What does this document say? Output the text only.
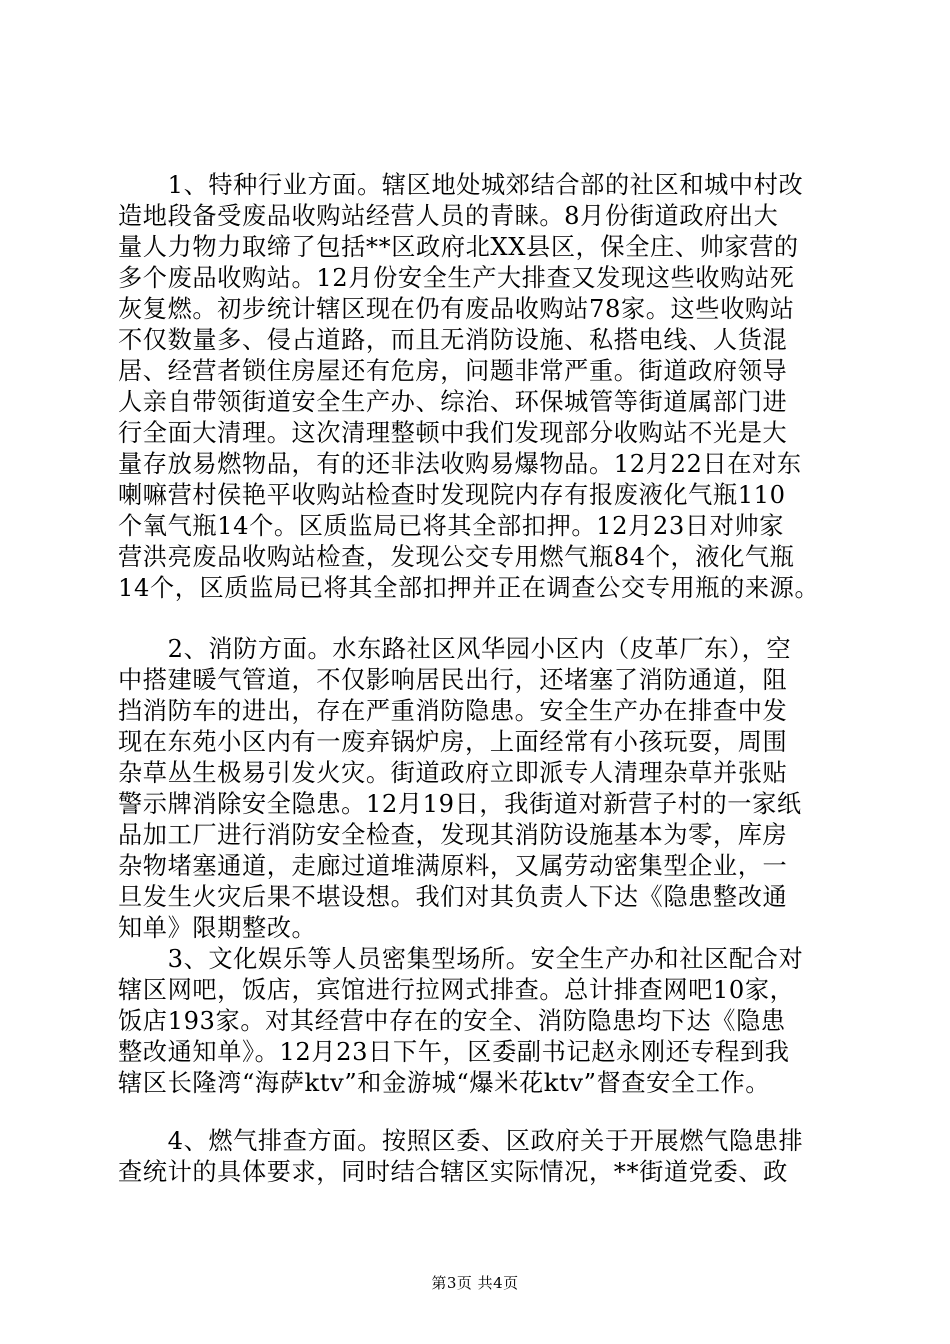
　　1、特种行业方面。辖区地处城郊结合部的社区和城中村改
造地段备受废品收购站经营人员的青睐。8月份街道政府出大
量人力物力取缔了包括**区政府北XX县区，保全庄、帅家营的
多个废品收购站。12月份安全生产大排查又发现这些收购站死
灰复燃。初步统计辖区现在仍有废品收购站78家。这些收购站
不仅数量多、侵占道路，而且无消防设施、私搭电线、人货混
居、经营者锁住房屋还有危房，问题非常严重。街道政府领导
人亲自带领街道安全生产办、综治、环保城管等街道属部门进
行全面大清理。这次清理整顿中我们发现部分收购站不光是大
量存放易燃物品，有的还非法收购易爆物品。12月22日在对东
喇嘛营村侯艳平收购站检查时发现院内存有报废液化气瓶110
个氧气瓶14个。区质监局已将其全部扣押。12月23日对帅家
营洪亮废品收购站检查，发现公交专用燃气瓶84个，液化气瓶
14个，区质监局已将其全部扣押并正在调查公交专用瓶的来源。
　　2、消防方面。水东路社区风华园小区内（皮革厂东），空
中搭建暖气管道，不仅影响居民出行，还堵塞了消防通道，阻
挡消防车的进出，存在严重消防隐患。安全生产办在排查中发
现在东苑小区内有一废弃锅炉房，上面经常有小孩玩耍，周围
杂草丛生极易引发火灾。街道政府立即派专人清理杂草并张贴
警示牌消除安全隐患。12月19日，我街道对新营子村的一家纸
品加工厂进行消防安全检查，发现其消防设施基本为零，库房
杂物堵塞通道，走廊过道堆满原料，又属劳动密集型企业，一
旦发生火灾后果不堪设想。我们对其负责人下达《隐患整改通
知单》限期整改。
　　3、文化娱乐等人员密集型场所。安全生产办和社区配合对
辖区网吧，饭店，宾馆进行拉网式排查。总计排查网吧10家，
饭店193家。对其经营中存在的安全、消防隐患均下达《隐患
整改通知单》。12月23日下午，区委副书记赵永刚还专程到我
辖区长隆湾“海萨ktv”和金游城“爆米花ktv”督查安全工作。
　　4、燃气排查方面。按照区委、区政府关于开展燃气隐患排
查统计的具体要求，同时结合辖区实际情况，**街道党委、政
第3页 共4页
